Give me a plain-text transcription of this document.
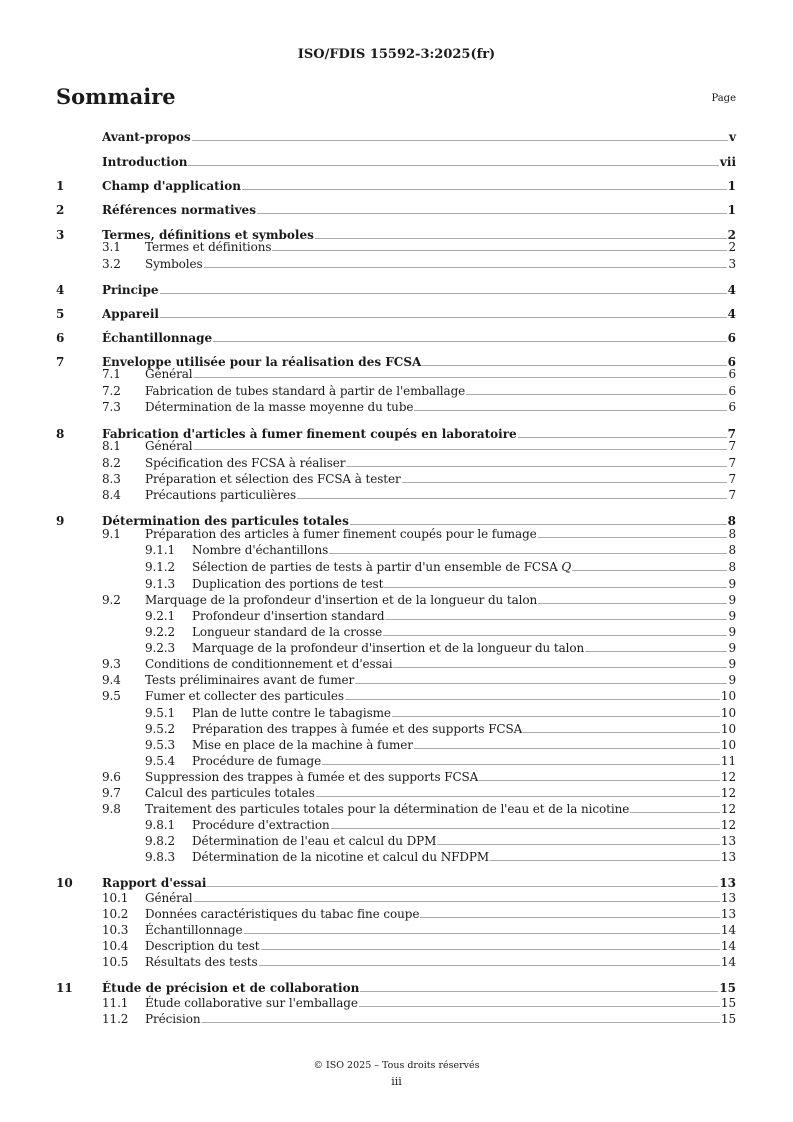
ISO/FDIS 15592-3:2025(fr)
Sommaire	Page
Avant-propos	v
Introduction	vii
1	Champ d'application	1
2	Références normatives	1
3	Termes, définitions et symboles	2
3.1	Termes et définitions	2
3.2	Symboles	3
4	Principe	4
5	Appareil	4
6	Échantillonnage	6
7	Enveloppe utilisée pour la réalisation des FCSA	6
7.1	Général	6
7.2	Fabrication de tubes standard à partir de l'emballage	6
7.3	Détermination de la masse moyenne du tube	6
8	Fabrication d'articles à fumer finement coupés en laboratoire	7
8.1	Général	7
8.2	Spécification des FCSA à réaliser	7
8.3	Préparation et sélection des FCSA à tester	7
8.4	Précautions particulières	7
9	Détermination des particules totales	8
9.1	Préparation des articles à fumer finement coupés pour le fumage	8
9.1.1	Nombre d'échantillons	8
9.1.2	Sélection de parties de tests à partir d'un ensemble de FCSA Q	8
9.1.3	Duplication des portions de test	9
9.2	Marquage de la profondeur d'insertion et de la longueur du talon	9
9.2.1	Profondeur d'insertion standard	9
9.2.2	Longueur standard de la crosse	9
9.2.3	Marquage de la profondeur d'insertion et de la longueur du talon	9
9.3	Conditions de conditionnement et d'essai	9
9.4	Tests préliminaires avant de fumer	9
9.5	Fumer et collecter des particules	10
9.5.1	Plan de lutte contre le tabagisme	10
9.5.2	Préparation des trappes à fumée et des supports FCSA	10
9.5.3	Mise en place de la machine à fumer	10
9.5.4	Procédure de fumage	11
9.6	Suppression des trappes à fumée et des supports FCSA	12
9.7	Calcul des particules totales	12
9.8	Traitement des particules totales pour la détermination de l'eau et de la nicotine	12
9.8.1	Procédure d'extraction	12
9.8.2	Détermination de l'eau et calcul du DPM	13
9.8.3	Détermination de la nicotine et calcul du NFDPM	13
10	Rapport d'essai	13
10.1	Général	13
10.2	Données caractéristiques du tabac fine coupe	13
10.3	Échantillonnage	14
10.4	Description du test	14
10.5	Résultats des tests	14
11	Étude de précision et de collaboration	15
11.1	Étude collaborative sur l'emballage	15
11.2	Précision	15
© ISO 2025 – Tous droits réservés
iii
